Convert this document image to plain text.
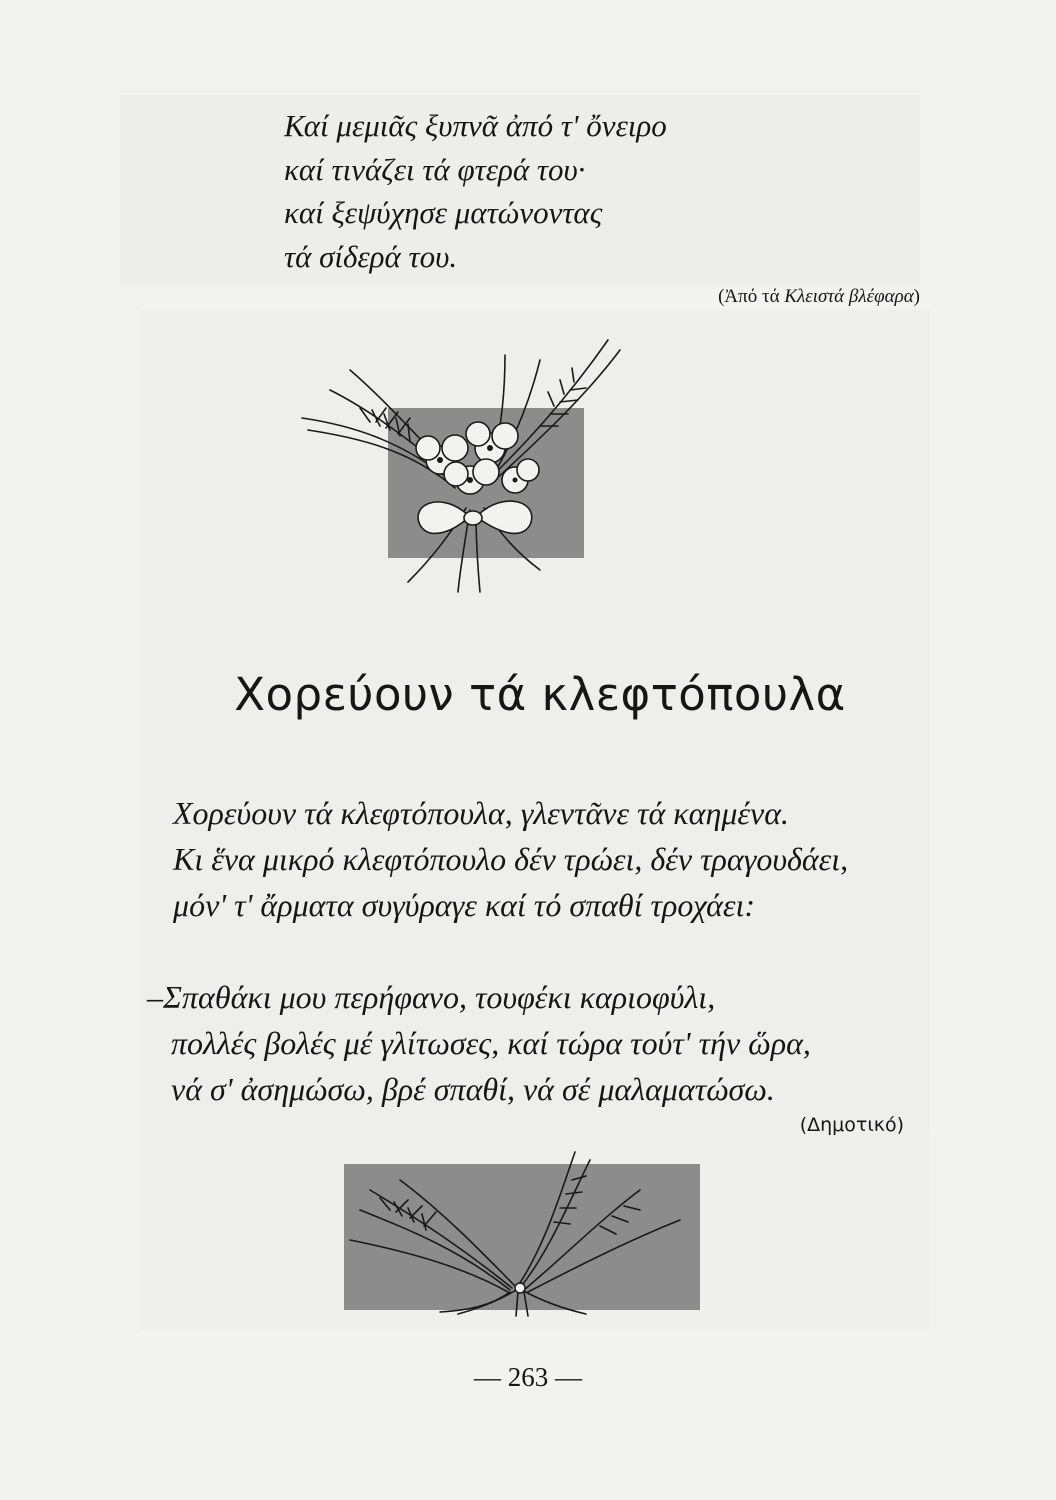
Καί μεμιᾶς ξυπνᾶ ἀπό τ' ὄνειρο
καί τινάζει τά φτερά του·
καί ξεψύχησε ματώνοντας
τά σίδερά του.
(Ἀπό τά Κλειστά βλέφαρα)
Χορεύουν τά κλεφτόπουλα
Χορεύουν τά κλεφτόπουλα, γλεντᾶνε τά καημένα.
Κι ἕνα μικρό κλεφτόπουλο δέν τρώει, δέν τραγουδάει,
μόν' τ' ἄρματα συγύραγε καί τό σπαθί τροχάει:
–Σπαθάκι μου περήφανο, τουφέκι καριοφύλι,
πολλές βολές μέ γλίτωσες, καί τώρα τούτ' τήν ὥρα,
νά σ' ἀσημώσω, βρέ σπαθί, νά σέ μαλαματώσω.
(Δημοτικό)
— 263 —
